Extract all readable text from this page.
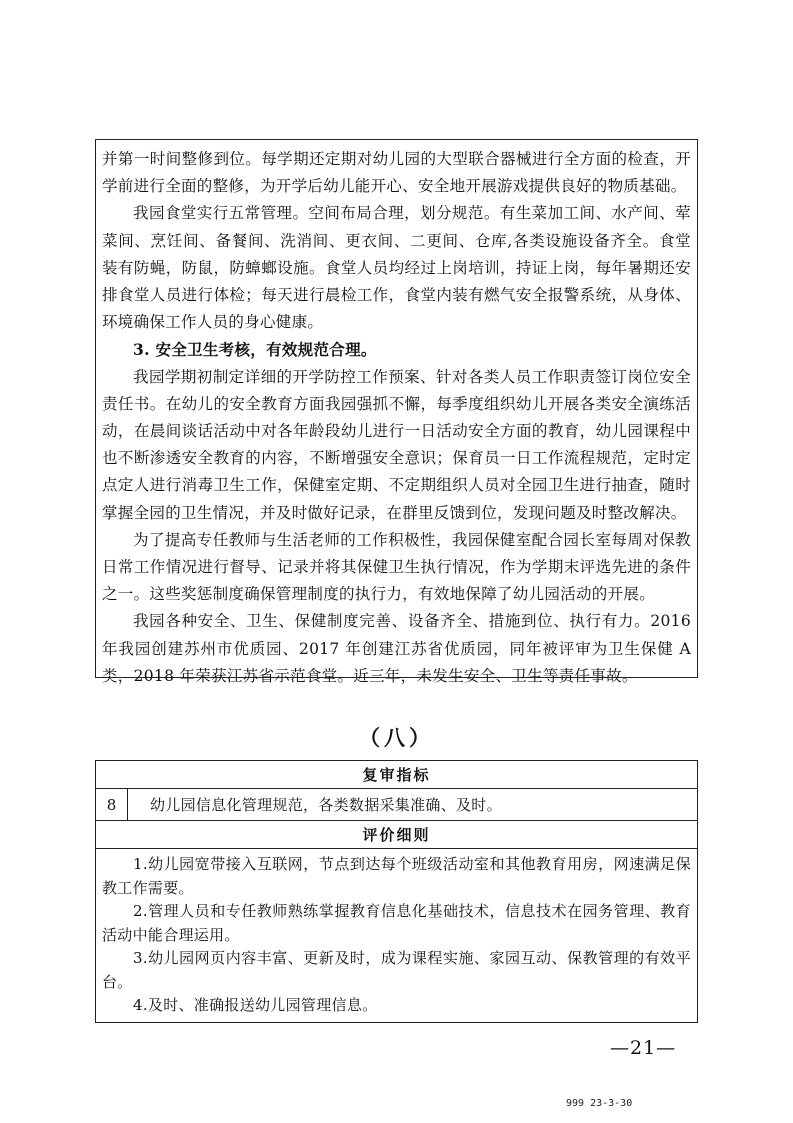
并第一时间整修到位。每学期还定期对幼儿园的大型联合器械进行全方面的检查，开学前进行全面的整修，为开学后幼儿能开心、安全地开展游戏提供良好的物质基础。

我园食堂实行五常管理。空间布局合理，划分规范。有生菜加工间、水产间、荤菜间、烹饪间、备餐间、洗消间、更衣间、二更间、仓库,各类设施设备齐全。食堂装有防蝇，防鼠，防蟑螂设施。食堂人员均经过上岗培训，持证上岗，每年暑期还安排食堂人员进行体检；每天进行晨检工作，食堂内装有燃气安全报警系统，从身体、环境确保工作人员的身心健康。

3. 安全卫生考核，有效规范合理。

我园学期初制定详细的开学防控工作预案、针对各类人员工作职责签订岗位安全责任书。在幼儿的安全教育方面我园强抓不懈，每季度组织幼儿开展各类安全演练活动，在晨间谈话活动中对各年龄段幼儿进行一日活动安全方面的教育，幼儿园课程中也不断渗透安全教育的内容，不断增强安全意识；保育员一日工作流程规范，定时定点定人进行消毒卫生工作，保健室定期、不定期组织人员对全园卫生进行抽查，随时掌握全园的卫生情况，并及时做好记录，在群里反馈到位，发现问题及时整改解决。

为了提高专任教师与生活老师的工作积极性，我园保健室配合园长室每周对保教日常工作情况进行督导、记录并将其保健卫生执行情况，作为学期末评选先进的条件之一。这些奖惩制度确保管理制度的执行力，有效地保障了幼儿园活动的开展。

我园各种安全、卫生、保健制度完善、设备齐全、措施到位、执行有力。2016 年我园创建苏州市优质园、2017 年创建江苏省优质园，同年被评审为卫生保健 A 类，2018 年荣获江苏省示范食堂。近三年，未发生安全、卫生等责任事故。

（八）
复审指标
8	幼儿园信息化管理规范，各类数据采集准确、及时。
评价细则

1.幼儿园宽带接入互联网，节点到达每个班级活动室和其他教育用房，网速满足保教工作需要。

2.管理人员和专任教师熟练掌握教育信息化基础技术，信息技术在园务管理、教育活动中能合理运用。

3.幼儿园网页内容丰富、更新及时，成为课程实施、家园互动、保教管理的有效平台。

4.及时、准确报送幼儿园管理信息。

—21—
999 23-3-30
